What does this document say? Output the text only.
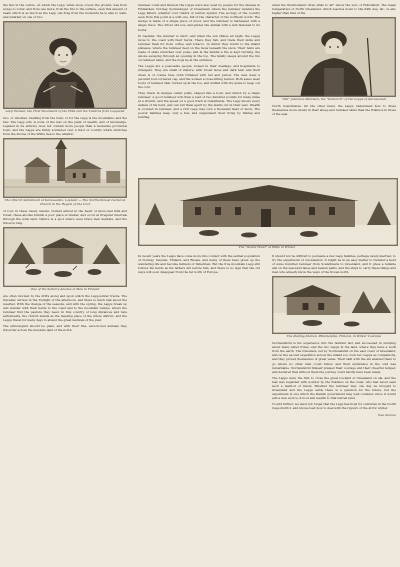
the fact in the centre, on which the Lapp, when snow covers the ground, was from wolge to vollor, and from one more, from the fire to the surface, even this amount of beam which is as much as the Lapp can drag from the momenta he is able to walk, and whether on one or two

Lapp Woman, the First Woodward of the Hills and the Tundras from Lappland

two, or whether, dwelling from the tolar, or for the Lapp is the mountains, and the raw. The Lapp who is none of the less on the plain of wealth, and of knowledge. Lapland in its entirety does not contain more people than a moderate provincial town, and the Lapps are thinly scattered over a tract of country which stretches from the shores of the White Sea to the Atlantic.

The Church Settlement at Karesuando, Lapland — The Northernmost Lutheran Church in the Region of the Czar

of roof, in these lonely wastes. Nomad almost in the heart of snow-clad hills and forest, these abodes furnish a poor place of shelter, and occur at irregular intervals through the wide land. Nature is a spot where even brave men hesitate, and the travel is long.

One of the Solitary Abodes of Man in Finland

are often blocked by the drifts along and upon which the Lapp-winter tracks. The traveller, arrives in the Twilight of the afternoon, and there is much talk about the weather. With the change of the seasons, and with the spring, the Lapps break up and wander with their herds to the coast and to the mountain valleys, where the reindeer find the pasture they need. In this country of long distances and rare settlements, the church stands as the meeting place of the whole district, and the Lapps travel for many days to attend the great festivals of the year.

The ethnologists should be plain, and with their fine, sure-footed animals they travel far across the desolate land of the north.

reindeer coats and thereon the Lapps were also used by people for the dresses in Finmarken, Norway, Sydvaranger, or Greenland, where the reindeer wanders the Lapp killers, whether over tundra or barren upland. The ecology of the country seen from this point is a wild one, full of the character of the northern world. The sledge is made of a single piece of wood, and the reindeer is harnessed with a single trace. The driver sits low, and guides the animal with a rein fastened to its horns.

In Lapland, the summer is short, and when the sun shines all night, the Lapps move to the coast with their herds. There they fish, and trade their skins and reindeer flesh for flour, coffee, and tobacco. In winter they return to the inland plateaus, where the reindeer feed on the moss beneath the snow. Their tents are made of skins stretched over poles, and in the middle a fire is kept burning, the smoke escaping through an opening in the top. The family sleeps around the fire on reindeer skins, and the dogs lie at the entrance.

The Lapps are a peaceable people, honest in their dealings, and hospitable to strangers. They are small of stature, with broad faces and dark hair, and their dress is of coarse blue cloth trimmed with red and yellow. The men wear a peculiar four-cornered cap, and the women a close-fitting bonnet. Both sexes wear boots of reindeer skin, turned up at the toe, and stuffed with dry grass to keep out the cold.

They travel in sledges called pulks, shaped like a boat, and drawn by a single reindeer. A good reindeer will draw a load of two hundred pounds for many miles at a stretch, and the speed on a good track is remarkable. The Lapp knows every animal of his herd, and can tell them apart by the marks cut in their ears. Wealth is counted in reindeer, and a rich Lapp may own a thousand head or more. The poorer families keep only a few, and supplement their living by fishing and hunting.

The "Grand Hotel" at Mitta in Winter

In recent years the Lapps have come more into contact with the settled population of Norway, Sweden, Finland, and Russia, and many of them have given up the wandering life and become farmers or fishermen. But the true mountain Lapp still follows his herds as his fathers did before him, and there is no sign that the old ways will soon disappear from the far north of Europe.

when the thermometer often sinks to 40° below the zero of Fahrenheit. The mean temperature of North Greenland, which reaches down to the 64th deg. lat., is also higher than that of the

"Old" Johannes Mattisen, the "Patriarch" of the Lapps of Karesuando

North Scandinavia. On the other hand, the Lapps understand how to dress themselves more wisely in their sheep and reindeer skins than the Eskimos in those of the seal.

It should not be difficult to persuade a few Lapp families, perhaps newly-married, to try the experiment of colonisation. It might be in an easy matter to transfer a herd of some hundred reindeer from Scandinavia to Greenland, and it gives a reliable aim on the sea-ward lanes and beaten paths, and the ships to carry these things and men who already know the ways of the frozen north.

The Posting-Station, Philadelphia, Finland, in Winter Costume

Nordenskiöld is his experience into the familiar fact and succeeded in studying about many aided tribes, and the two Lapps in the land, where they have a work from the earth. The travellers, led by Nordenskiöld on the east coast of Greenland, and on the second expedition across the inland ice, took two Lapps as companions, and they proved themselves of great value. Their skill with the ski enabled them to go where no other man could follow, and their endurance in the cold was remarkable. Nordenskiöld himself praised their courage and their cheerful temper, and declared that without them the journey could hardly have been made.

The Lapps were the first to cross the great ice-field of Greenland on ski, and the feat was regarded with wonder by the Eskimos on the coast, who had never seen such a method of travel. Whether the reindeer may one day be brought to Greenland and the Lapps settle there is a question for the future, but the experiment is one which the Danish government may well consider, since it would add a new source of food and wealth to that barren land.

To add further, we must not forget that the Lapp has lived for centuries in the North Cape district, and knows best how to deal with the rigours of the Arctic winter.

Carl Siewers
